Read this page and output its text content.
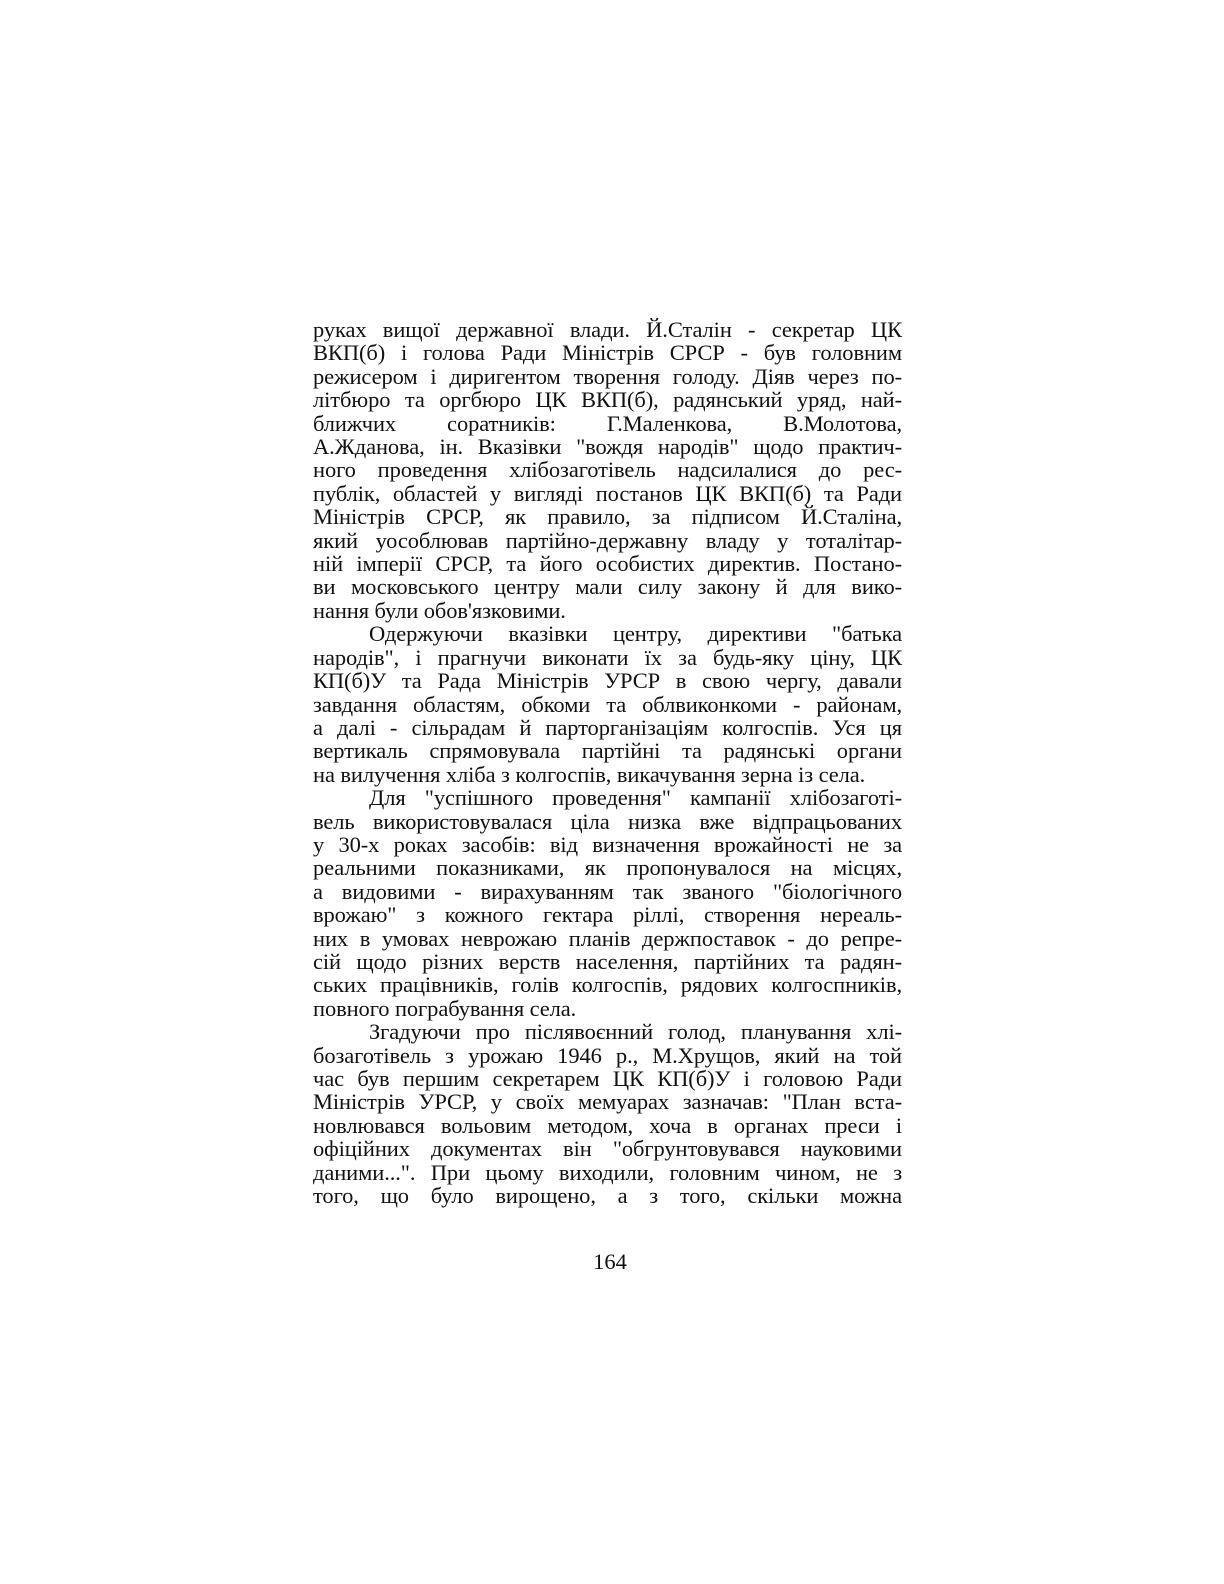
руках вищої державної влади. Й.Сталін - секретар ЦК
ВКП(б) і голова Ради Міністрів СРСР - був головним
режисером і диригентом творення голоду. Діяв через по-
літбюро та оргбюро ЦК ВКП(б), радянський уряд, най-
ближчих соратників: Г.Маленкова, В.Молотова,
А.Жданова, ін. Вказівки "вождя народів" щодо практич-
ного проведення хлібозаготівель надсилалися до рес-
публік, областей у вигляді постанов ЦК ВКП(б) та Ради
Міністрів СРСР, як правило, за підписом Й.Сталіна,
який уособлював партійно-державну владу у тоталітар-
ній імперії СРСР, та його особистих директив. Постано-
ви московського центру мали силу закону й для вико-
нання були обов'язковими.

Одержуючи вказівки центру, директиви "батька
народів", і прагнучи виконати їх за будь-яку ціну, ЦК
КП(б)У та Рада Міністрів УРСР в свою чергу, давали
завдання областям, обкоми та облвиконкоми - районам,
а далі - сільрадам й парторганізаціям колгоспів. Уся ця
вертикаль спрямовувала партійні та радянські органи
на вилучення хліба з колгоспів, викачування зерна із села.

Для "успішного проведення" кампанії хлібозаготі-
вель використовувалася ціла низка вже відпрацьованих
у 30-х роках засобів: від визначення врожайності не за
реальними показниками, як пропонувалося на місцях,
а видовими - вирахуванням так званого "біологічного
врожаю" з кожного гектара ріллі, створення нереаль-
них в умовах неврожаю планів держпоставок - до репре-
сій щодо різних верств населення, партійних та радян-
ських працівників, голів колгоспів, рядових колгоспників,
повного пограбування села.

Згадуючи про післявоєнний голод, планування хлі-
бозаготівель з урожаю 1946 р., М.Хрущов, який на той
час був першим секретарем ЦК КП(б)У і головою Ради
Міністрів УРСР, у своїх мемуарах зазначав: "План вста-
новлювався вольовим методом, хоча в органах преси і
офіційних документах він "обгрунтовувався науковими
даними...". При цьому виходили, головним чином, не з
того, що було вирощено, а з того, скільки можна

164
